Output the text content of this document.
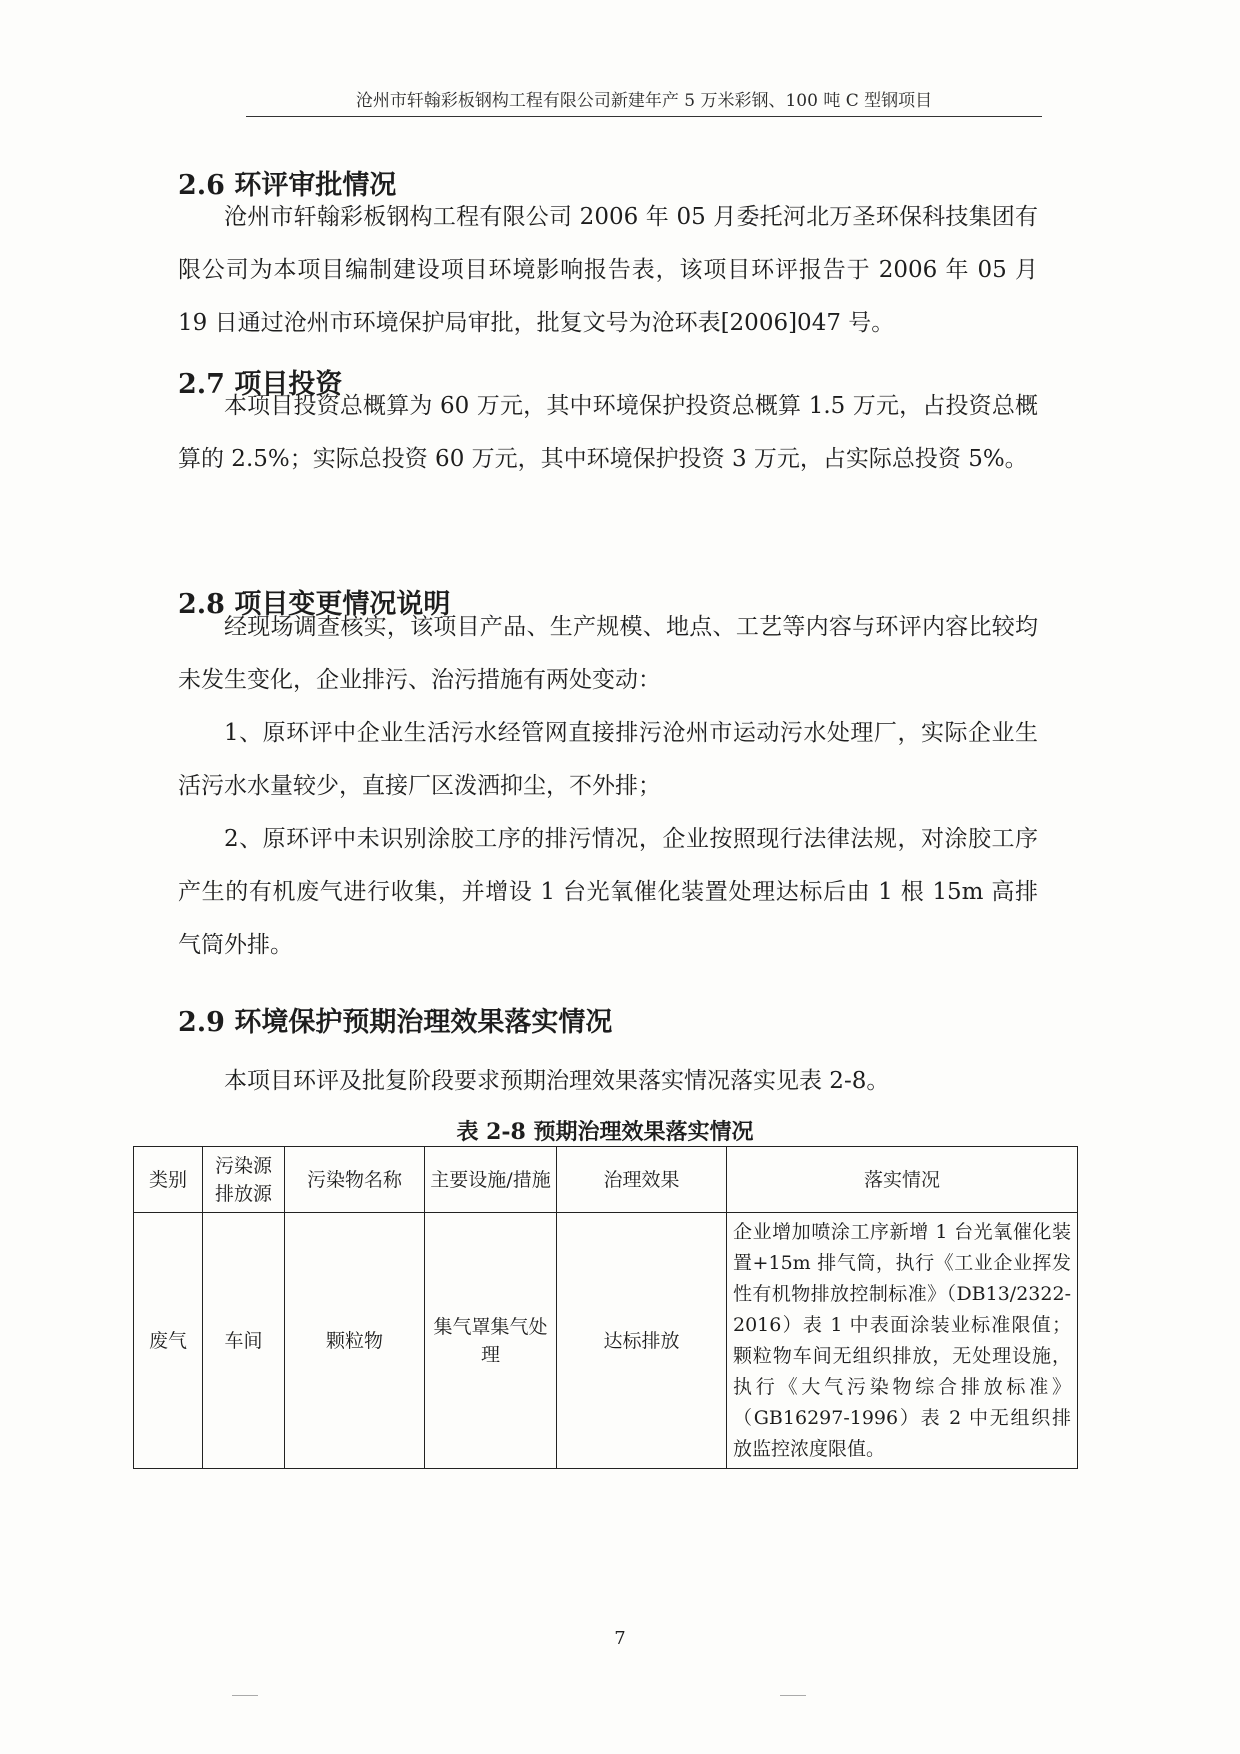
沧州市轩翰彩板钢构工程有限公司新建年产 5 万米彩钢、100 吨 C 型钢项目
2.6 环评审批情况
沧州市轩翰彩板钢构工程有限公司 2006 年 05 月委托河北万圣环保科技集团有限公司为本项目编制建设项目环境影响报告表，该项目环评报告于 2006 年 05 月 19 日通过沧州市环境保护局审批，批复文号为沧环表[2006]047 号。
2.7 项目投资
本项目投资总概算为 60 万元，其中环境保护投资总概算 1.5 万元，占投资总概算的 2.5%；实际总投资 60 万元，其中环境保护投资 3 万元，占实际总投资 5%。
2.8 项目变更情况说明
经现场调查核实，该项目产品、生产规模、地点、工艺等内容与环评内容比较均未发生变化，企业排污、治污措施有两处变动：
1、原环评中企业生活污水经管网直接排污沧州市运动污水处理厂，实际企业生活污水水量较少，直接厂区泼洒抑尘，不外排；
2、原环评中未识别涂胶工序的排污情况，企业按照现行法律法规，对涂胶工序产生的有机废气进行收集，并增设 1 台光氧催化装置处理达标后由 1 根 15m 高排气筒外排。
2.9 环境保护预期治理效果落实情况
本项目环评及批复阶段要求预期治理效果落实情况落实见表 2-8。
表 2-8 预期治理效果落实情况
类别	污染源排放源	污染物名称	主要设施/措施	治理效果	落实情况
废气	车间	颗粒物	集气罩集气处理	达标排放	企业增加喷涂工序新增 1 台光氧催化装置+15m 排气筒，执行《工业企业挥发性有机物排放控制标准》（DB13/2322-2016）表 1 中表面涂装业标准限值；颗粒物车间无组织排放，无处理设施，执行《大气污染物综合排放标准》（GB16297-1996）表 2 中无组织排放监控浓度限值。
7
